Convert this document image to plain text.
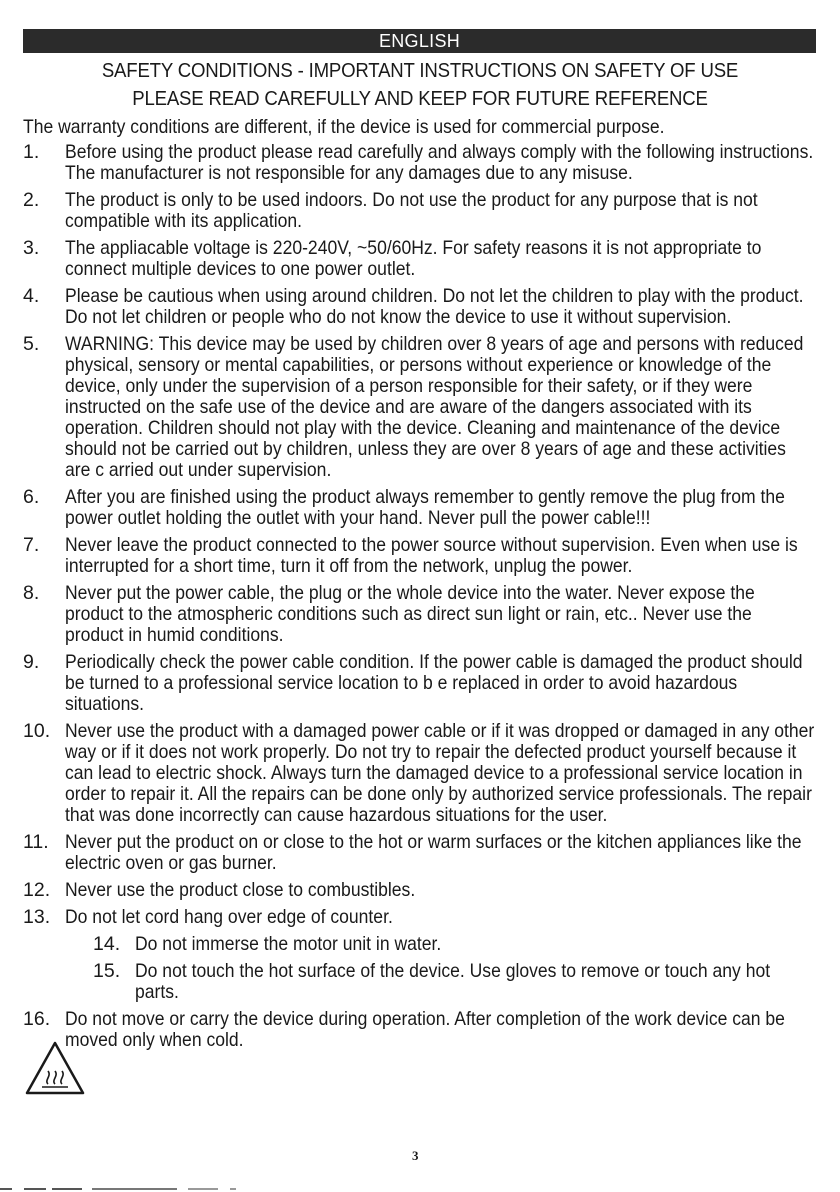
ENGLISH
SAFETY CONDITIONS - IMPORTANT INSTRUCTIONS ON SAFETY OF USE
PLEASE READ CAREFULLY AND KEEP FOR FUTURE REFERENCE
The warranty conditions are different, if the device is used for commercial purpose.
1. Before using the product please read carefully and always comply with the following instructions. The manufacturer is not responsible for any damages due to any misuse.
2. The product is only to be used indoors. Do not use the product for any purpose that is not compatible with its application.
3. The appliacable voltage is 220-240V, ~50/60Hz. For safety reasons it is not appropriate to connect multiple devices to one power outlet.
4. Please be cautious when using around children. Do not let the children to play with the product. Do not let children or people who do not know the device to use it without supervision.
5. WARNING: This device may be used by children over 8 years of age and persons with reduced physical, sensory or mental capabilities, or persons without experience or knowledge of the device, only under the supervision of a person responsible for their safety, or if they were instructed on the safe use of the device and are aware of the dangers associated with its operation. Children should not play with the device. Cleaning and maintenance of the device should not be carried out by children, unless they are over 8 years of age and these activities are c arried out under supervision.
6. After you are finished using the product always remember to gently remove the plug from the power outlet holding the outlet with your hand. Never pull the power cable!!!
7. Never leave the product connected to the power source without supervision. Even when use is interrupted for a short time, turn it off from the network, unplug the power.
8. Never put the power cable, the plug or the whole device into the water. Never expose the product to the atmospheric conditions such as direct sun light or rain, etc.. Never use the product in humid conditions.
9. Periodically check the power cable condition. If the power cable is damaged the product should be turned to a professional service location to b e replaced in order to avoid hazardous situations.
10. Never use the product with a damaged power cable or if it was dropped or damaged in any other way or if it does not work properly. Do not try to repair the defected product yourself because it can lead to electric shock. Always turn the damaged device to a professional service location in order to repair it. All the repairs can be done only by authorized service professionals. The repair that was done incorrectly can cause hazardous situations for the user.
11. Never put the product on or close to the hot or warm surfaces or the kitchen appliances like the electric oven or gas burner.
12. Never use the product close to combustibles.
13. Do not let cord hang over edge of counter.
14. Do not immerse the motor unit in water.
15. Do not touch the hot surface of the device. Use gloves to remove or touch any hot parts.
16. Do not move or carry the device during operation. After completion of the work device can be moved only when cold.
3
